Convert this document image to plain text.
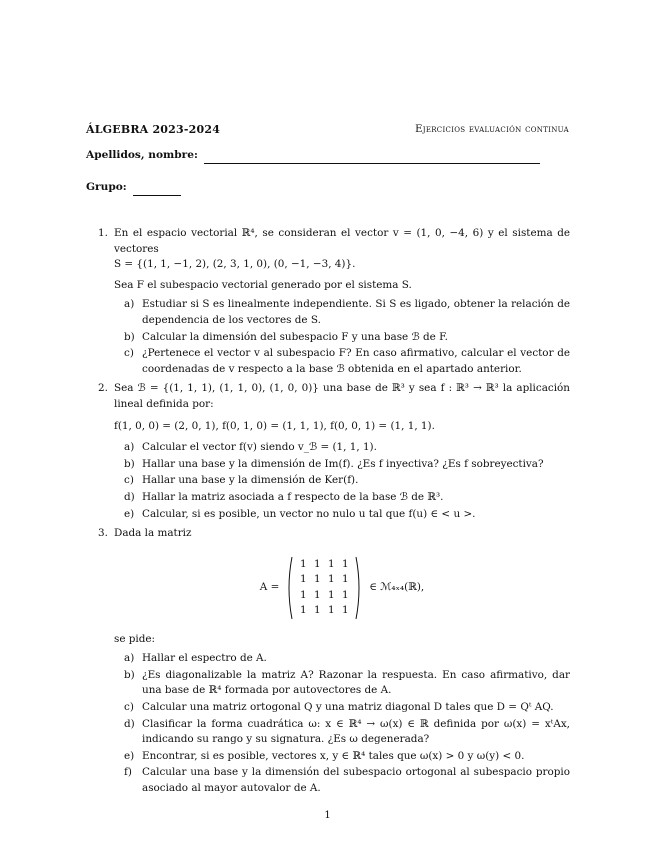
ÁLGEBRA 2023-2024	Ejercicios evaluación continua
Apellidos, nombre:
Grupo:
1. En el espacio vectorial ℝ⁴, se consideran el vector v = (1, 0, −4, 6) y el sistema de vectores

S = {(1, 1, −1, 2), (2, 3, 1, 0), (0, −1, −3, 4)}.

Sea F el subespacio vectorial generado por el sistema S.

a) Estudiar si S es linealmente independiente. Si S es ligado, obtener la relación de dependencia de los vectores de S.
b) Calcular la dimensión del subespacio F y una base ℬ de F.
c) ¿Pertenece el vector v al subespacio F? En caso afirmativo, calcular el vector de coordenadas de v respecto a la base ℬ obtenida en el apartado anterior.
2. Sea ℬ = {(1, 1, 1), (1, 1, 0), (1, 0, 0)} una base de ℝ³ y sea f : ℝ³ → ℝ³ la aplicación lineal definida por:

f(1, 0, 0) = (2, 0, 1), f(0, 1, 0) = (1, 1, 1), f(0, 0, 1) = (1, 1, 1).

a) Calcular el vector f(v) siendo v_ℬ = (1, 1, 1).
b) Hallar una base y la dimensión de Im(f). ¿Es f inyectiva? ¿Es f sobreyectiva?
c) Hallar una base y la dimensión de Ker(f).
d) Hallar la matriz asociada a f respecto de la base ℬ de ℝ³.
e) Calcular, si es posible, un vector no nulo u tal que f(u) ∈ < u >.
3. Dada la matriz

A =
1 1 1 1
1 1 1 1
1 1 1 1
1 1 1 1
∈ ℳ₄ₓ₄(ℝ),

se pide:

a) Hallar el espectro de A.
b) ¿Es diagonalizable la matriz A? Razonar la respuesta. En caso afirmativo, dar una base de ℝ⁴ formada por autovectores de A.
c) Calcular una matriz ortogonal Q y una matriz diagonal D tales que D = Qᵗ AQ.
d) Clasificar la forma cuadrática ω: x ∈ ℝ⁴ → ω(x) ∈ ℝ definida por ω(x) = xᵗAx, indicando su rango y su signatura. ¿Es ω degenerada?
e) Encontrar, si es posible, vectores x, y ∈ ℝ⁴ tales que ω(x) > 0 y ω(y) < 0.
f) Calcular una base y la dimensión del subespacio ortogonal al subespacio propio asociado al mayor autovalor de A.
1
